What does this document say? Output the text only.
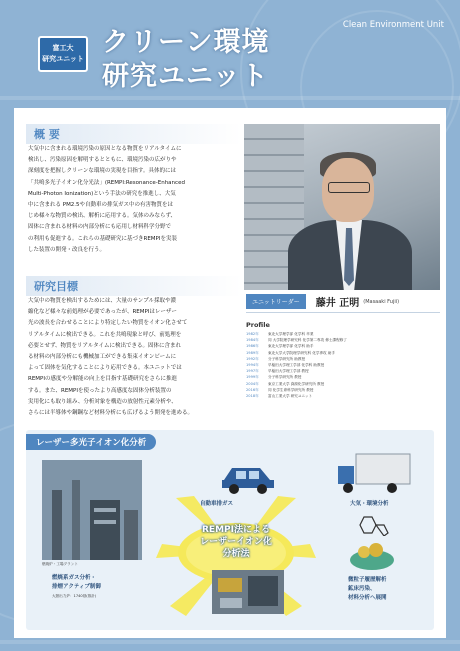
富工大
研究ユニット
クリーン環境
研究ユニット
Clean Environment Unit
概 要
大気中に含まれる環境汚染の原因となる物質をリアルタイムに
検出し、汚染原因を解明するとともに、環境汚染の広がりや
深刻度を把握しクリーンな環境の実現を目指す。具体的には
「共鳴多光子イオン化分光法」(REMPI:Resonance-Enhanced
Multi-Photon Ionization)という手法の研究を推進し、大気
中に含まれる PM2.5や自動車の排気ガス中の有害物質をは
じめ様々な物質の検出、解析に応用する。気体のみならず、
固体に含まれる材料の内部分析にも応用し材料科学分野で
の利用も促進する。これらの基礎研究に基づきREMPIを実装
した装置の開発・改良を行う。
研究目標
大気中の物質を検出するためには、大量のサンプル採取や濃
縮化など様々な前処理が必要であったが、REMPIはレーザー
光の波長を合わせることにより特定したい物質をイオン化させて
リアルタイムに検出できる。これを共鳴現象と呼び、前処理を
必要とせず、物質をリアルタイムに検出できる。固体に含まれ
る材料の内部分析にも機械加工ができる集束イオンビームに
よって固体を気化することにより応用できる。本ユニットでは
REMPIの感度や分解能の向上を目指す基礎研究をさらに推進
する。また、REMPIを使ったより高感度な固体分析装置の
実用化にも取り組み、分析対象を構造の放射性元素分析や、
さらには半導体や鋼鋼など材料分析にも広げるよう開発を進める。
ユニットリーダー	藤井 正明 (Masaaki Fujii)
Profile
1982年	東北大学理学部 化学科 卒業
1984年	同 大学院理学研究科 化学第二専攻 修士課程修了
1986年	東北大学理学部 化学科 助手
1989年	東北大学大学院理学研究科 化学専攻 助手
1992年	分子科学研究所 助教授
1994年	早稲田大学理工学部 化学科 助教授
1997年	早稲田大学理工学部 教授
1999年	分子科学研究所 教授
2004年	東京工業大学 資源化学研究所 教授
2016年	同 化学生命科学研究所 教授
2018年	富山工業大学 研究ユニット
レーザー多光子イオン化分析
REMPI法による
レーザーイオン化
分析法
燃焼炉・工場プラント
燃焼系ガス分析・
排煙アクティブ制御
大熱出力炉：1740基(推計)
自動車排ガス	大気・環境分析
微粒子履歴解析
鉱床汚染、
材料分析へ展開
